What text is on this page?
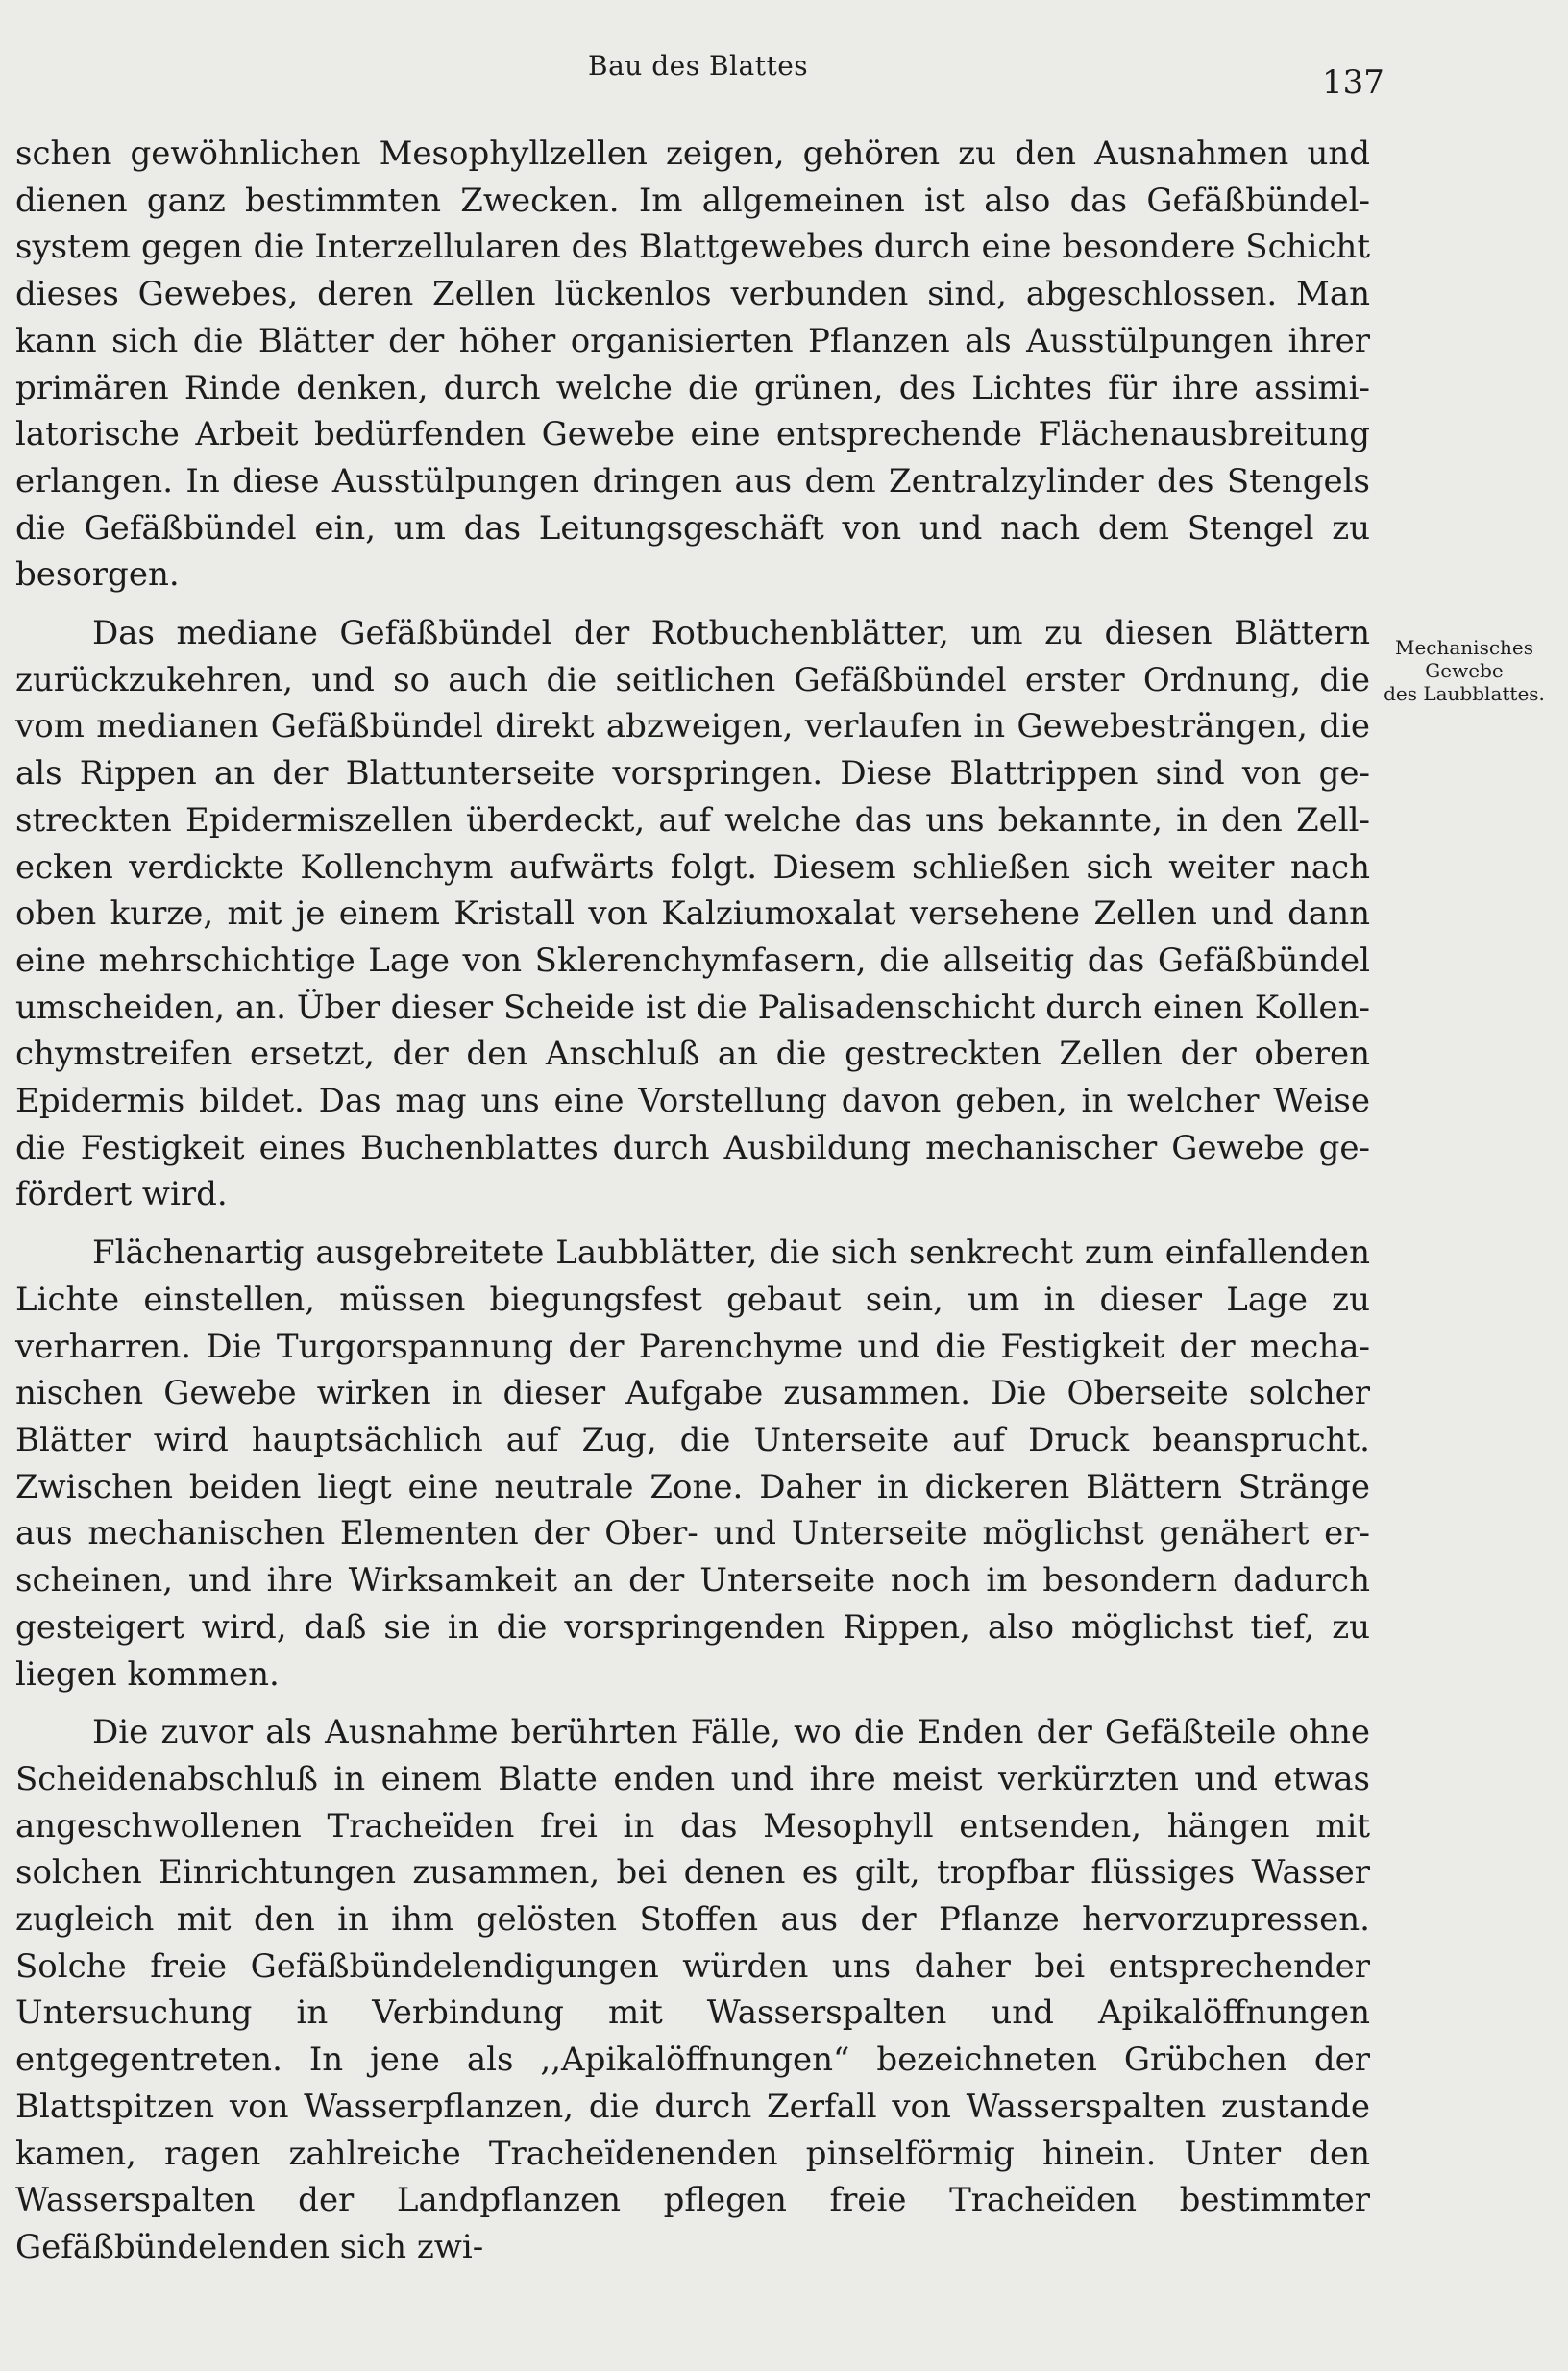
Bau des Blattes	137

schen gewöhnlichen Mesophyllzellen zeigen, gehören zu den Ausnahmen und dienen ganz bestimmten Zwecken. Im allgemeinen ist also das Gefäßbündelsystem gegen die Interzellularen des Blattgewebes durch eine besondere Schicht dieses Gewebes, deren Zellen lückenlos verbunden sind, abgeschlossen. Man kann sich die Blätter der höher organisierten Pflanzen als Ausstülpungen ihrer primären Rinde denken, durch welche die grünen, des Lichtes für ihre assimilatorische Arbeit bedürfenden Gewebe eine entsprechende Flächenausbreitung erlangen. In diese Ausstülpungen dringen aus dem Zentralzylinder des Stengels die Gefäßbündel ein, um das Leitungsgeschäft von und nach dem Stengel zu besorgen.

Das mediane Gefäßbündel der Rotbuchenblätter, um zu diesen Blättern zurückzukehren, und so auch die seitlichen Gefäßbündel erster Ordnung, die vom medianen Gefäßbündel direkt abzweigen, verlaufen in Gewebesträngen, die als Rippen an der Blattunterseite vorspringen. Diese Blattrippen sind von gestreckten Epidermiszellen überdeckt, auf welche das uns bekannte, in den Zellecken verdickte Kollenchym aufwärts folgt. Diesem schließen sich weiter nach oben kurze, mit je einem Kristall von Kalziumoxalat versehene Zellen und dann eine mehrschichtige Lage von Sklerenchymfasern, die allseitig das Gefäßbündel umscheiden, an. Über dieser Scheide ist die Palisadenschicht durch einen Kollenchymstreifen ersetzt, der den Anschluß an die gestreckten Zellen der oberen Epidermis bildet. Das mag uns eine Vorstellung davon geben, in welcher Weise die Festigkeit eines Buchenblattes durch Ausbildung mechanischer Gewebe gefördert wird.

Flächenartig ausgebreitete Laubblätter, die sich senkrecht zum einfallenden Lichte einstellen, müssen biegungsfest gebaut sein, um in dieser Lage zu verharren. Die Turgorspannung der Parenchyme und die Festigkeit der mechanischen Gewebe wirken in dieser Aufgabe zusammen. Die Oberseite solcher Blätter wird hauptsächlich auf Zug, die Unterseite auf Druck beansprucht. Zwischen beiden liegt eine neutrale Zone. Daher in dickeren Blättern Stränge aus mechanischen Elementen der Ober- und Unterseite möglichst genähert erscheinen, und ihre Wirksamkeit an der Unterseite noch im besondern dadurch gesteigert wird, daß sie in die vorspringenden Rippen, also möglichst tief, zu liegen kommen.

Die zuvor als Ausnahme berührten Fälle, wo die Enden der Gefäßteile ohne Scheidenabschluß in einem Blatte enden und ihre meist verkürzten und etwas angeschwollenen Tracheïden frei in das Mesophyll entsenden, hängen mit solchen Einrichtungen zusammen, bei denen es gilt, tropfbar flüssiges Wasser zugleich mit den in ihm gelösten Stoffen aus der Pflanze hervorzupressen. Solche freie Gefäßbündelendigungen würden uns daher bei entsprechender Untersuchung in Verbindung mit Wasserspalten und Apikalöffnungen entgegentreten. In jene als ,,Apikalöffnungen“ bezeichneten Grübchen der Blattspitzen von Wasserpflanzen, die durch Zerfall von Wasserspalten zustande kamen, ragen zahlreiche Tracheïdenenden pinselförmig hinein. Unter den Wasserspalten der Landpflanzen pflegen freie Tracheïden bestimmter Gefäßbündelenden sich zwi-

Mechanisches
Gewebe
des Laubblattes.
